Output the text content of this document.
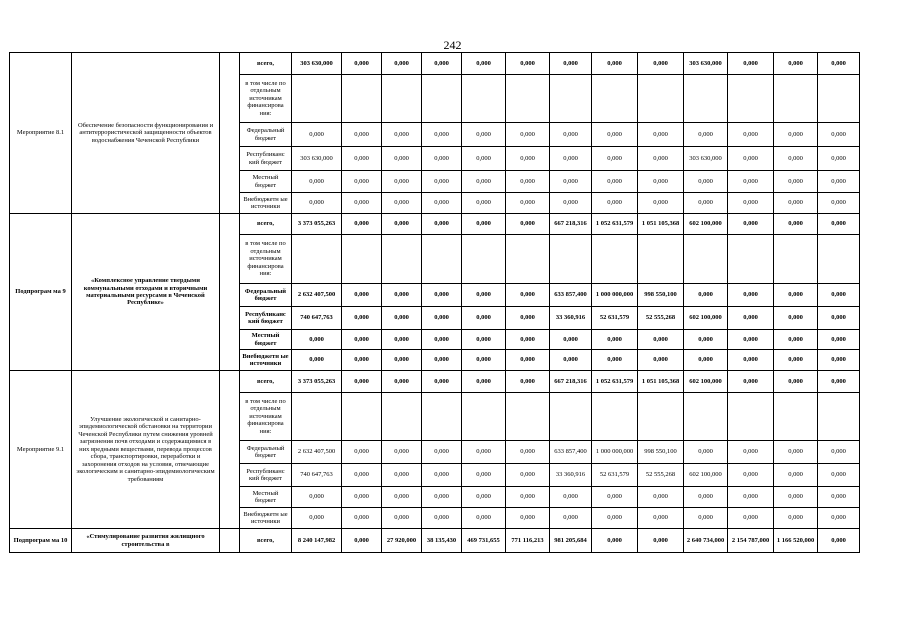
242
Мероприятие 8.1	Обеспечение безопасности функционирования и антитеррористической защищенности объектов водоснабжения Чеченской Республики		всего,	303 630,000	0,000	0,000	0,000	0,000	0,000	0,000	0,000	0,000	303 630,000	0,000	0,000	0,000
			в том числе по отдельным источникам финансирова ния:													
			Федеральный бюджет	0,000	0,000	0,000	0,000	0,000	0,000	0,000	0,000	0,000	0,000	0,000	0,000	0,000
			Республиканс кий бюджет	303 630,000	0,000	0,000	0,000	0,000	0,000	0,000	0,000	0,000	303 630,000	0,000	0,000	0,000
			Местный бюджет	0,000	0,000	0,000	0,000	0,000	0,000	0,000	0,000	0,000	0,000	0,000	0,000	0,000
			Внебюджетн ые источники	0,000	0,000	0,000	0,000	0,000	0,000	0,000	0,000	0,000	0,000	0,000	0,000	0,000
Подпрограм ма 9	«Комплексное управление твердыми коммунальными отходами и вторичными материальными ресурсами в Чеченской Республике»		всего,	3 373 055,263	0,000	0,000	0,000	0,000	0,000	667 218,316	1 052 631,579	1 051 105,368	602 100,000	0,000	0,000	0,000
			в том числе по отдельным источникам финансирова ния:													
			Федеральный бюджет	2 632 407,500	0,000	0,000	0,000	0,000	0,000	633 857,400	1 000 000,000	998 550,100	0,000	0,000	0,000	0,000
			Республиканс кий бюджет	740 647,763	0,000	0,000	0,000	0,000	0,000	33 360,916	52 631,579	52 555,268	602 100,000	0,000	0,000	0,000
			Местный бюджет	0,000	0,000	0,000	0,000	0,000	0,000	0,000	0,000	0,000	0,000	0,000	0,000	0,000
			Внебюджетн ые источники	0,000	0,000	0,000	0,000	0,000	0,000	0,000	0,000	0,000	0,000	0,000	0,000	0,000
Мероприятие 9.1	Улучшение экологической и санитарно-эпидемиологической обстановки на территории Чеченской Республики путем снижения уровней загрязнения почв отходами и содержащимися в них вредными веществами, перевода процессов сбора, транспортировки, переработки и захоронения отходов на условия, отвечающие экологическим и санитарно-эпидемиологическим требованиям		всего,	3 373 055,263	0,000	0,000	0,000	0,000	0,000	667 218,316	1 052 631,579	1 051 105,368	602 100,000	0,000	0,000	0,000
			в том числе по отдельным источникам финансирова ния:													
			Федеральный бюджет	2 632 407,500	0,000	0,000	0,000	0,000	0,000	633 857,400	1 000 000,000	998 550,100	0,000	0,000	0,000	0,000
			Республиканс кий бюджет	740 647,763	0,000	0,000	0,000	0,000	0,000	33 360,916	52 631,579	52 555,268	602 100,000	0,000	0,000	0,000
			Местный бюджет	0,000	0,000	0,000	0,000	0,000	0,000	0,000	0,000	0,000	0,000	0,000	0,000	0,000
			Внебюджетн ые источники	0,000	0,000	0,000	0,000	0,000	0,000	0,000	0,000	0,000	0,000	0,000	0,000	0,000
Подпрограм ма 10	«Стимулирование развития жилищного строительства в		всего,	8 240 147,982	0,000	27 920,000	38 135,430	469 731,655	771 116,213	981 205,684	0,000	0,000	2 640 734,000	2 154 787,000	1 166 520,000	0,000
